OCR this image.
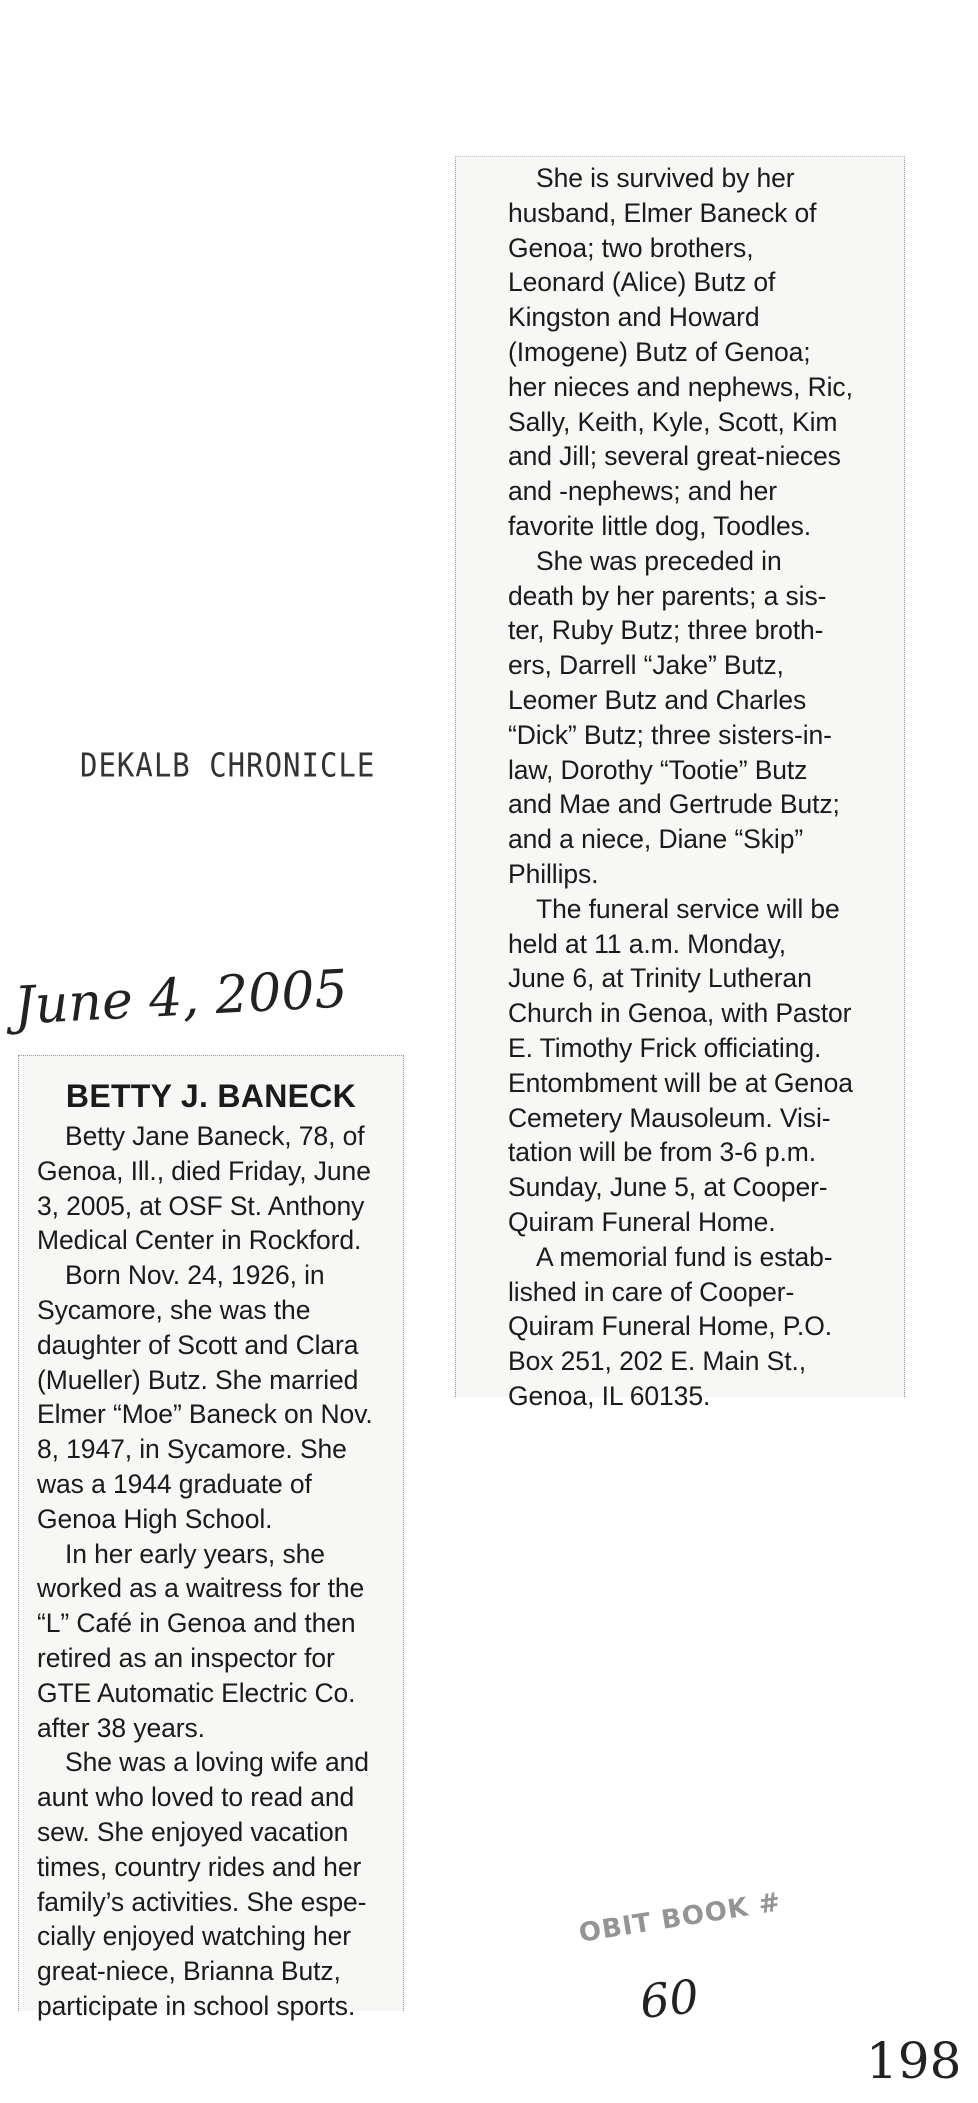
DEKALB CHRONICLE
June 4, 2005
BETTY J. BANECK

Betty Jane Baneck, 78, of
Genoa, Ill., died Friday, June
3, 2005, at OSF St. Anthony
Medical Center in Rockford.

Born Nov. 24, 1926, in
Sycamore, she was the
daughter of Scott and Clara
(Mueller) Butz. She married
Elmer “Moe” Baneck on Nov.
8, 1947, in Sycamore. She
was a 1944 graduate of
Genoa High School.

In her early years, she
worked as a waitress for the
“L” Café in Genoa and then
retired as an inspector for
GTE Automatic Electric Co.
after 38 years.

She was a loving wife and
aunt who loved to read and
sew. She enjoyed vacation
times, country rides and her
family’s activities. She espe-
cially enjoyed watching her
great-niece, Brianna Butz,
participate in school sports.

She is survived by her
husband, Elmer Baneck of
Genoa; two brothers,
Leonard (Alice) Butz of
Kingston and Howard
(Imogene) Butz of Genoa;
her nieces and nephews, Ric,
Sally, Keith, Kyle, Scott, Kim
and Jill; several great-nieces
and -nephews; and her
favorite little dog, Toodles.

She was preceded in
death by her parents; a sis-
ter, Ruby Butz; three broth-
ers, Darrell “Jake” Butz,
Leomer Butz and Charles
“Dick” Butz; three sisters-in-
law, Dorothy “Tootie” Butz
and Mae and Gertrude Butz;
and a niece, Diane “Skip”
Phillips.

The funeral service will be
held at 11 a.m. Monday,
June 6, at Trinity Lutheran
Church in Genoa, with Pastor
E. Timothy Frick officiating.
Entombment will be at Genoa
Cemetery Mausoleum. Visi-
tation will be from 3-6 p.m.
Sunday, June 5, at Cooper-
Quiram Funeral Home.

A memorial fund is estab-
lished in care of Cooper-
Quiram Funeral Home, P.O.
Box 251, 202 E. Main St.,
Genoa, IL 60135.

OBIT BOOK #
60
198
